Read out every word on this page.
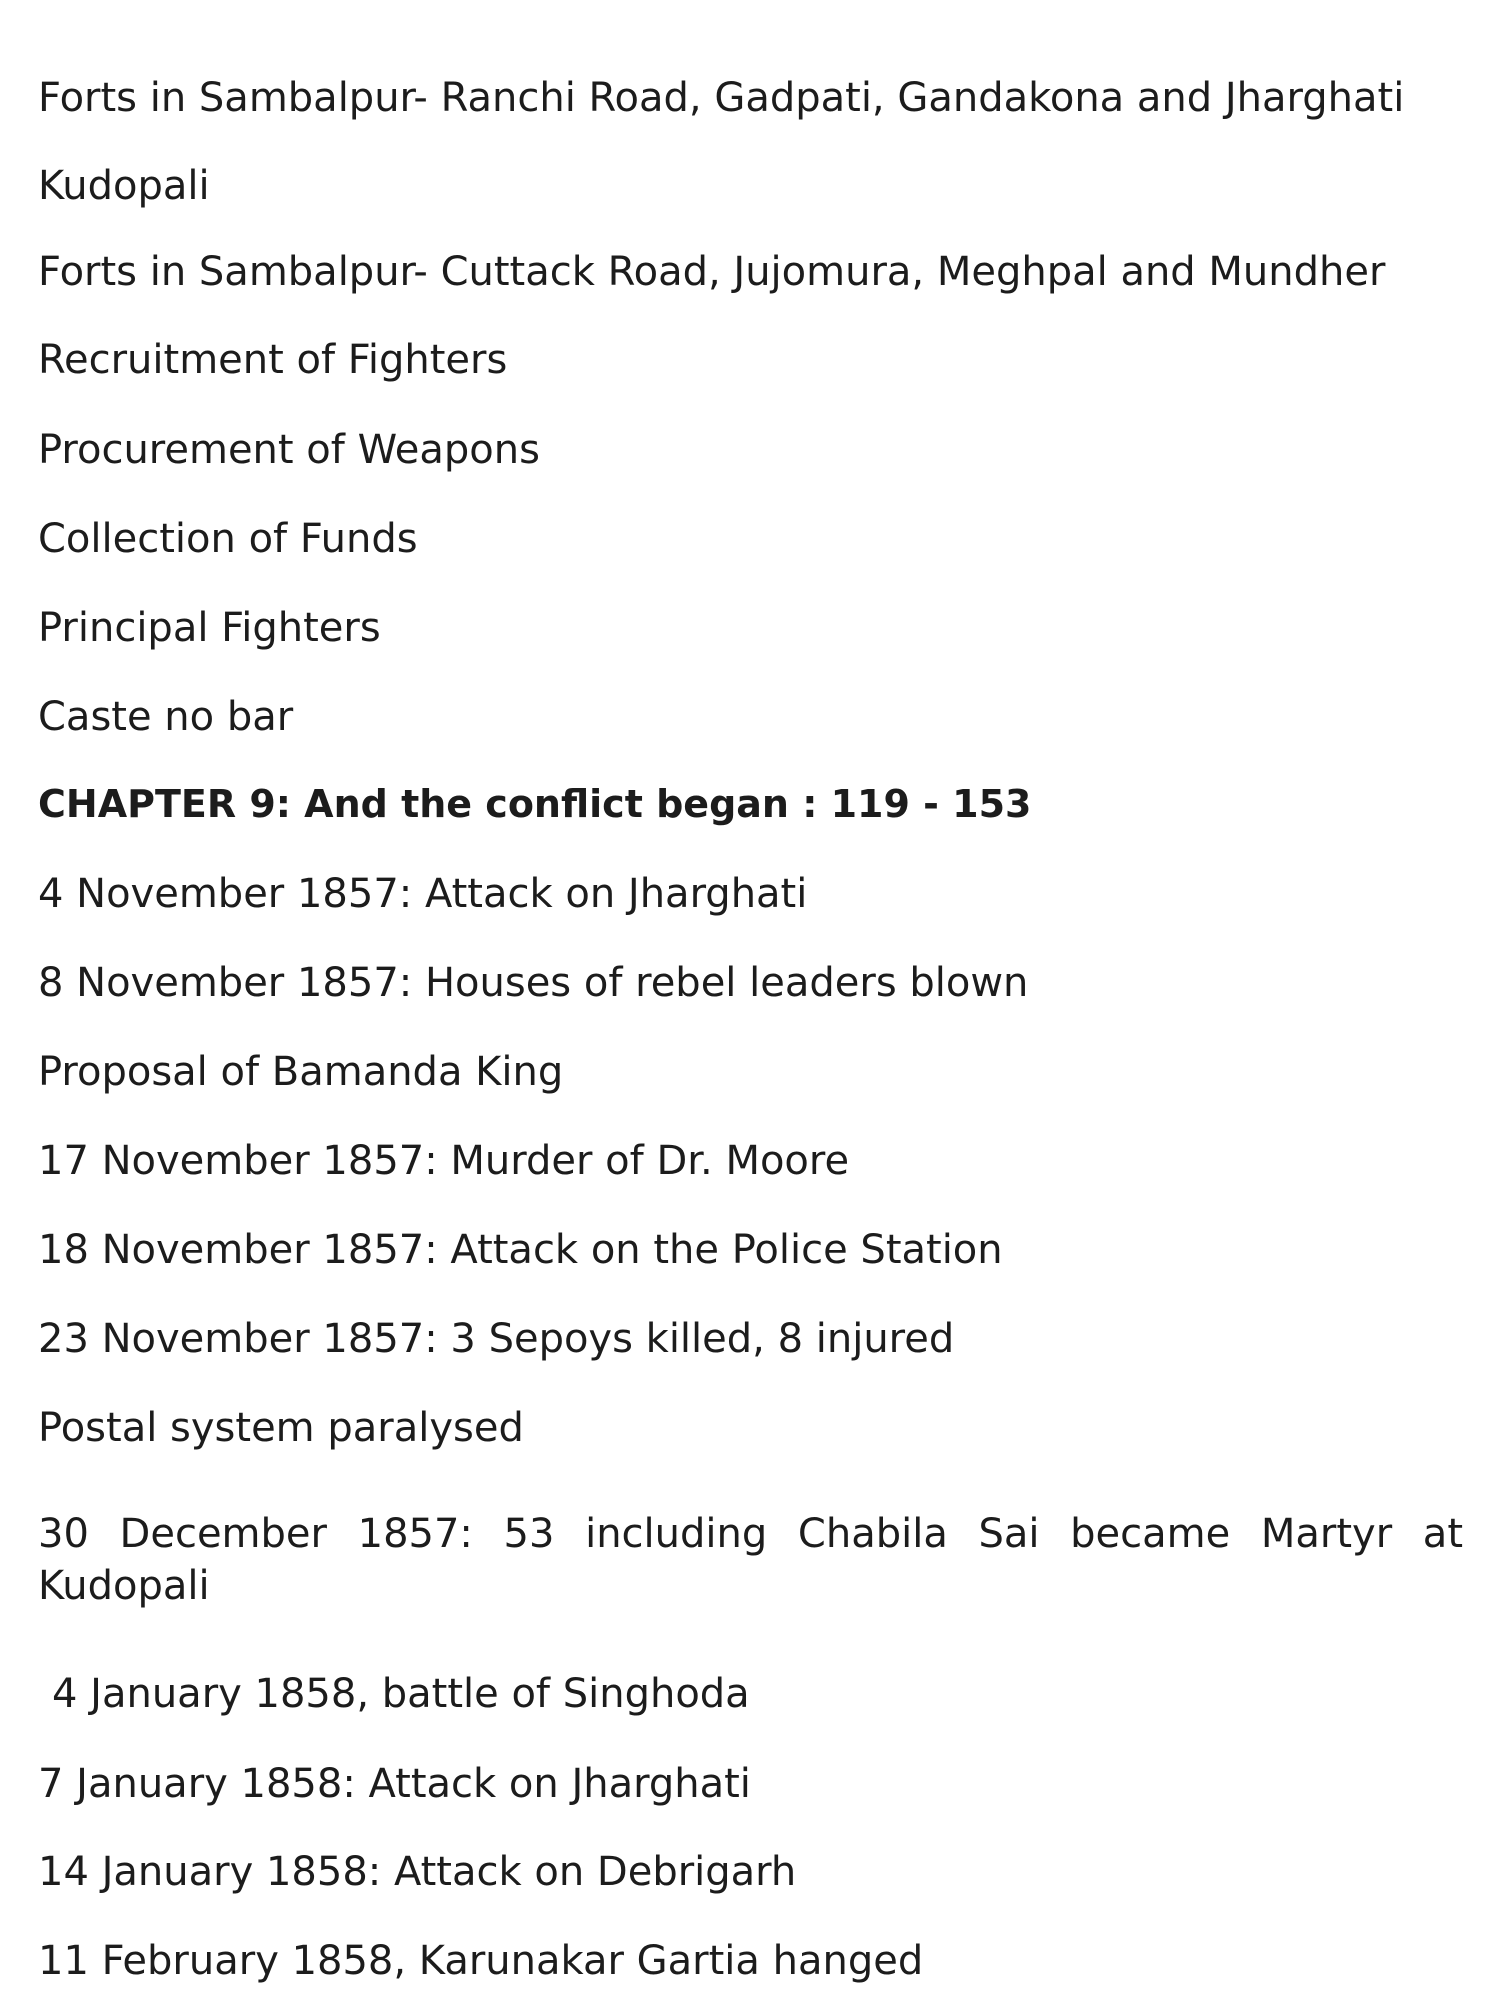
Forts in Sambalpur- Ranchi Road, Gadpati, Gandakona and Jharghati
Kudopali
Forts in Sambalpur- Cuttack Road, Jujomura, Meghpal and Mundher
Recruitment of Fighters
Procurement of Weapons
Collection of Funds
Principal Fighters
Caste no bar
CHAPTER 9: And the conflict began : 119 - 153
4 November 1857: Attack on Jharghati
8 November 1857: Houses of rebel leaders blown
Proposal of Bamanda King
17 November 1857: Murder of Dr. Moore
18 November 1857: Attack on the Police Station
23 November 1857: 3 Sepoys killed, 8 injured
Postal system paralysed
30 December 1857: 53 including Chabila Sai became Martyr at Kudopali
4 January 1858, battle of Singhoda
7 January 1858: Attack on Jharghati
14 January 1858: Attack on Debrigarh
11 February 1858, Karunakar Gartia hanged
